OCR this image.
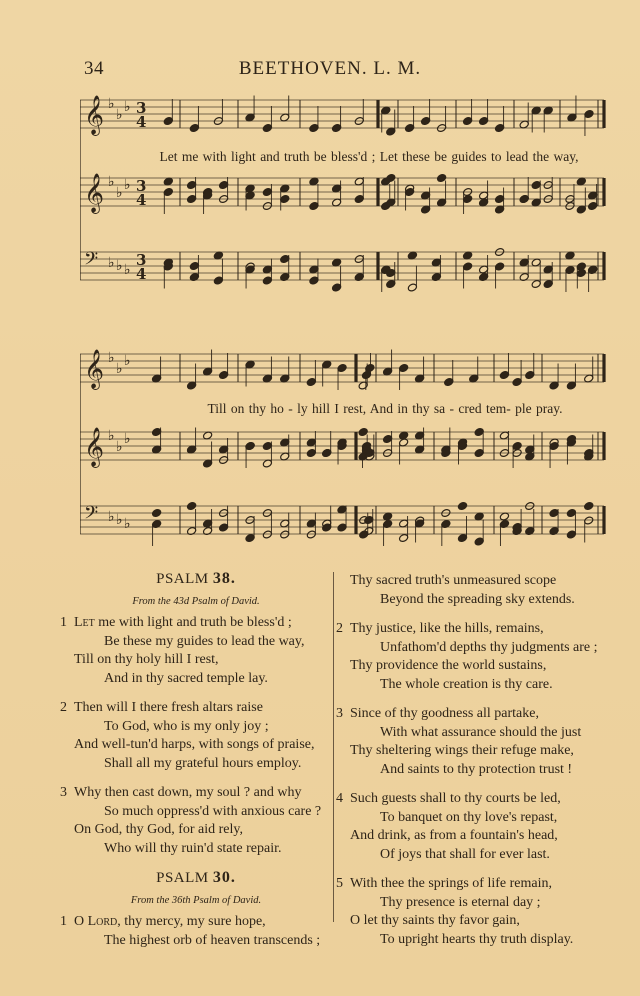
34	BEETHOVEN. L. M.
𝄞 ♭
♭ ♭ 3
4
𝄞 ♭
♭ ♭ 3
4
𝄢 ♭ ♭ ♭
3
4
Let me with light and truth be bless'd ; Let these be guides to lead the way,
𝄞 ♭
♭ ♭
𝄞 ♭
♭ ♭
𝄢 ♭ ♭ ♭
Till on thy ho - ly hill I rest, And in thy sa - cred tem- ple pray.
PSALM 38.
From the 43d Psalm of David.
1 Let me with light and truth be bless'd ;
Be these my guides to lead the way,
Till on thy holy hill I rest,
And in thy sacred temple lay.
2 Then will I there fresh altars raise
To God, who is my only joy ;
And well-tun'd harps, with songs of praise,
Shall all my grateful hours employ.
3 Why then cast down, my soul ? and why
So much oppress'd with anxious care ?
On God, thy God, for aid rely,
Who will thy ruin'd state repair.
PSALM 30.
From the 36th Psalm of David.
1 O Lord, thy mercy, my sure hope,
The highest orb of heaven transcends ;
Thy sacred truth's unmeasured scope
Beyond the spreading sky extends.
2 Thy justice, like the hills, remains,
Unfathom'd depths thy judgments are ;
Thy providence the world sustains,
The whole creation is thy care.
3 Since of thy goodness all partake,
With what assurance should the just
Thy sheltering wings their refuge make,
And saints to thy protection trust !
4 Such guests shall to thy courts be led,
To banquet on thy love's repast,
And drink, as from a fountain's head,
Of joys that shall for ever last.
5 With thee the springs of life remain,
Thy presence is eternal day ;
O let thy saints thy favor gain,
To upright hearts thy truth display.
